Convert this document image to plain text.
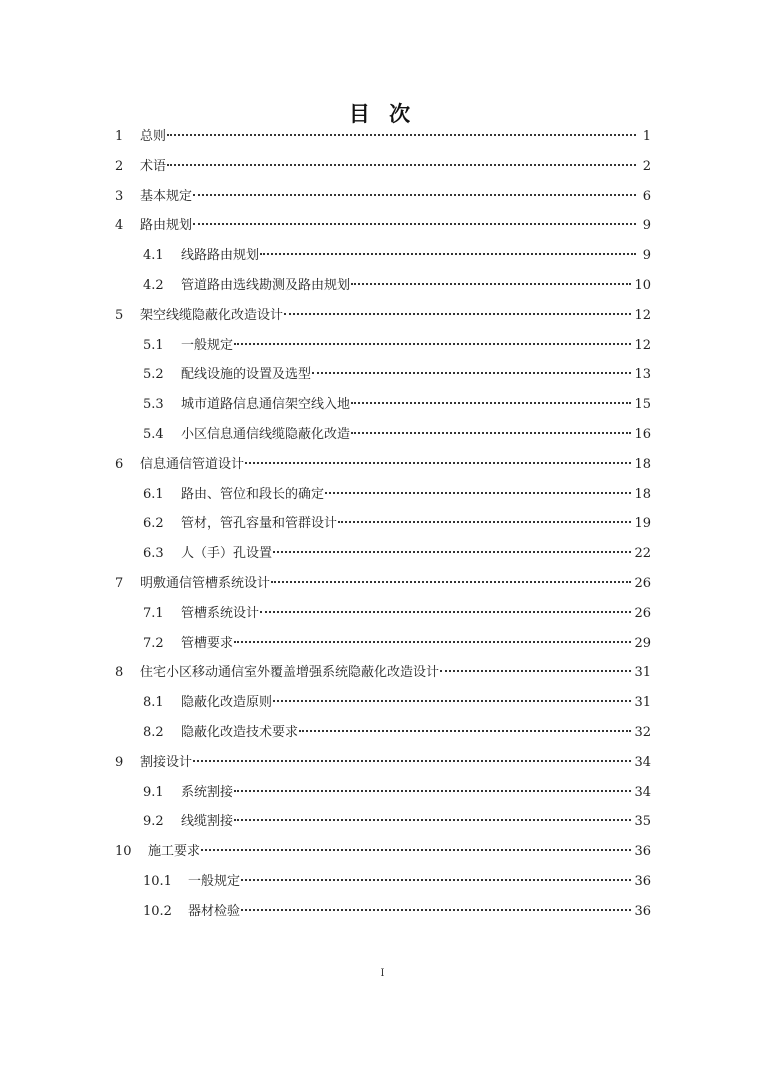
目 次
1	总则	1
2	术语	2
3	基本规定	6
4	路由规划	9
4.1	线路路由规划	9
4.2	管道路由选线勘测及路由规划	10
5	架空线缆隐蔽化改造设计	12
5.1	一般规定	12
5.2	配线设施的设置及选型	13
5.3	城市道路信息通信架空线入地	15
5.4	小区信息通信线缆隐蔽化改造	16
6	信息通信管道设计	18
6.1	路由、管位和段长的确定	18
6.2	管材，管孔容量和管群设计	19
6.3	人（手）孔设置	22
7	明敷通信管槽系统设计	26
7.1	管槽系统设计	26
7.2	管槽要求	29
8	住宅小区移动通信室外覆盖增强系统隐蔽化改造设计	31
8.1	隐蔽化改造原则	31
8.2	隐蔽化改造技术要求	32
9	割接设计	34
9.1	系统割接	34
9.2	线缆割接	35
10	施工要求	36
10.1	一般规定	36
10.2	器材检验	36
I
